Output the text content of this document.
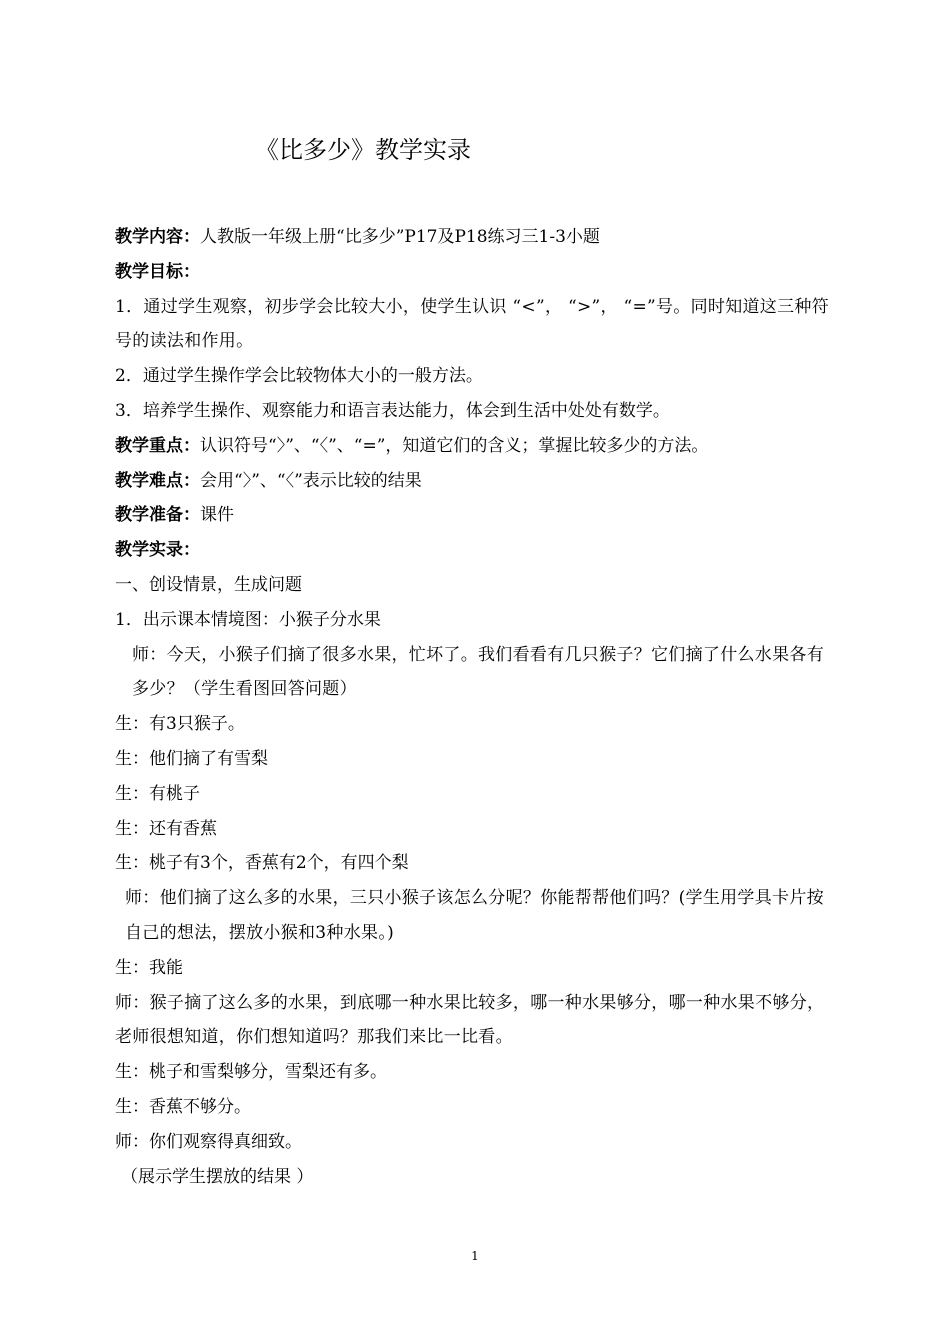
《比多少》教学实录
教学内容：人教版一年级上册“比多少”P17及P18练习三1-3小题
教学目标：
1．通过学生观察，初步学会比较大小，使学生认识 “<”， “>”， “=”号。同时知道这三种符号的读法和作用。
2．通过学生操作学会比较物体大小的一般方法。
3．培养学生操作、观察能力和语言表达能力，体会到生活中处处有数学。
教学重点：认识符号“〉”、“〈”、“=”，知道它们的含义；掌握比较多少的方法。
教学难点：会用“〉”、“〈”表示比较的结果
教学准备：课件
教学实录：
一、创设情景，生成问题
1．出示课本情境图：小猴子分水果
师：今天，小猴子们摘了很多水果，忙坏了。我们看看有几只猴子？它们摘了什么水果各有多少？（学生看图回答问题）
生：有3只猴子。
生：他们摘了有雪梨
生：有桃子
生：还有香蕉
生：桃子有3个，香蕉有2个，有四个梨
师：他们摘了这么多的水果，三只小猴子该怎么分呢？你能帮帮他们吗？(学生用学具卡片按自己的想法，摆放小猴和3种水果。)
生：我能
师：猴子摘了这么多的水果，到底哪一种水果比较多，哪一种水果够分，哪一种水果不够分，老师很想知道，你们想知道吗？那我们来比一比看。
生：桃子和雪梨够分，雪梨还有多。
生：香蕉不够分。
师：你们观察得真细致。
（展示学生摆放的结果 ）
1
